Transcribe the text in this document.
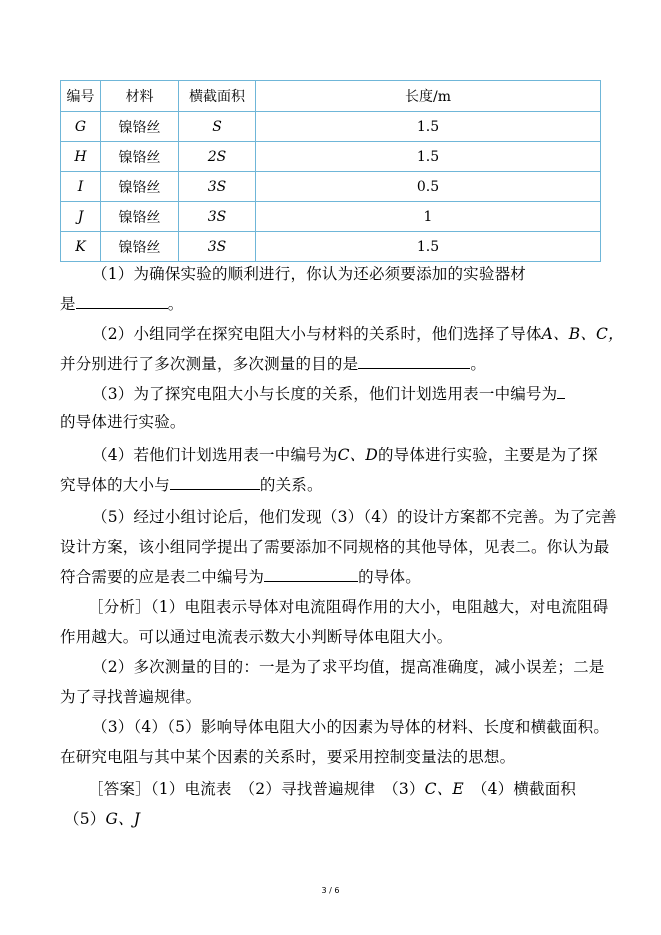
编号	材料	横截面积	长度/m
G	镍铬丝	S	1.5
H	镍铬丝	2S	1.5
I	镍铬丝	3S	0.5
J	镍铬丝	3S	1
K	镍铬丝	3S	1.5
（1）为确保实验的顺利进行，你认为还必须要添加的实验器材
是	。
（2）小组同学在探究电阻大小与材料的关系时，他们选择了导体A、B、C，
并分别进行了多次测量，多次测量的目的是	。
（3）为了探究电阻大小与长度的关系，他们计划选用表一中编号为
的导体进行实验。
（4）若他们计划选用表一中编号为C、D的导体进行实验，主要是为了探
究导体的大小与	的关系。
（5）经过小组讨论后，他们发现（3）（4）的设计方案都不完善。为了完善
设计方案，该小组同学提出了需要添加不同规格的其他导体，见表二。你认为最
符合需要的应是表二中编号为	的导体。
［分析］（1）电阻表示导体对电流阻碍作用的大小，电阻越大，对电流阻碍
作用越大。可以通过电流表示数大小判断导体电阻大小。
（2）多次测量的目的：一是为了求平均值，提高准确度，减小误差；二是
为了寻找普遍规律。
（3）（4）（5）影响导体电阻大小的因素为导体的材料、长度和横截面积。
在研究电阻与其中某个因素的关系时，要采用控制变量法的思想。
［答案］（1）电流表　（2）寻找普遍规律　（3）C、E　（4）横截面积
（5）G、J
3 / 6
